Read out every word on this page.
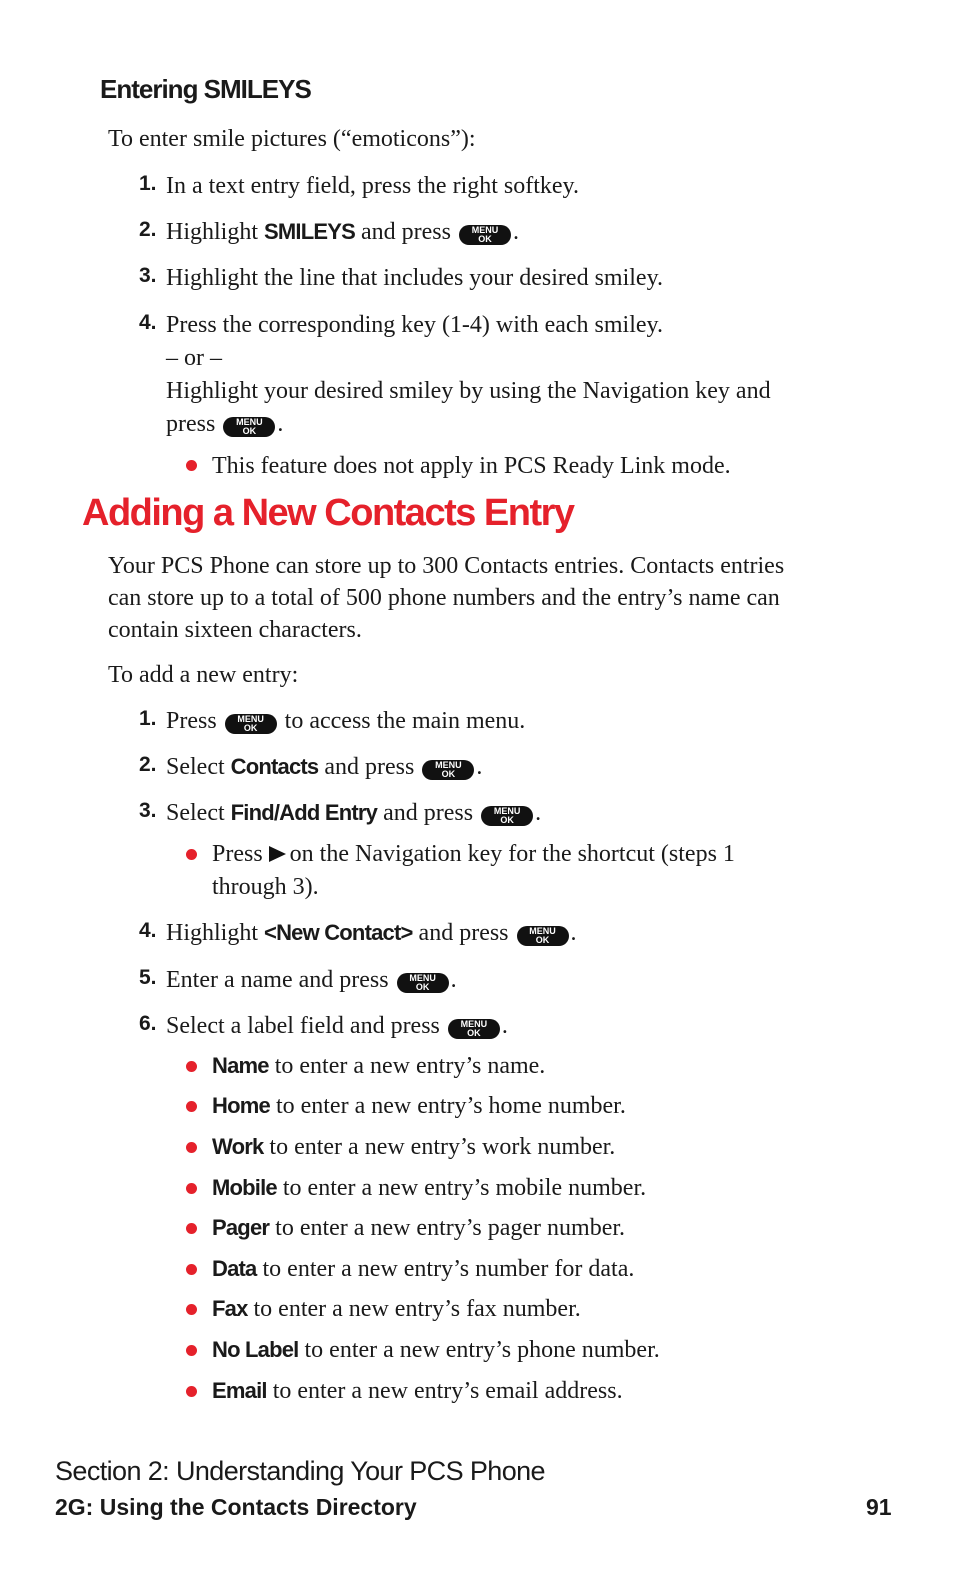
Entering SMILEYS
To enter smile pictures (“emoticons”):
1. In a text entry field, press the right softkey.
2. Highlight SMILEYS and press	MENU
OK .
3. Highlight the line that includes your desired smiley.
4. Press the corresponding key (1-4) with each smiley.
– or –
Highlight your desired smiley by using the Navigation key and
press	MENU
OK .
This feature does not apply in PCS Ready Link mode.
Adding a New Contacts Entry
Your PCS Phone can store up to 300 Contacts entries. Contacts entries
can store up to a total of 500 phone numbers and the entry’s name can
contain sixteen characters.
To add a new entry:
1. Press	MENU
OK	to access the main menu.
2. Select Contacts and press	MENU
OK .
3. Select Find/Add Entry and press	MENU
OK .
Press on the Navigation key for the shortcut (steps 1
through 3).
4. Highlight <New Contact> and press	MENU
OK .
5. Enter a name and press	MENU
OK .
6. Select a label field and press	MENU
OK .
Name to enter a new entry’s name.
Home to enter a new entry’s home number.
Work to enter a new entry’s work number.
Mobile to enter a new entry’s mobile number.
Pager to enter a new entry’s pager number.
Data to enter a new entry’s number for data.
Fax to enter a new entry’s fax number.
No Label to enter a new entry’s phone number.
Email to enter a new entry’s email address.
Section 2: Understanding Your PCS Phone
2G: Using the Contacts Directory	91
